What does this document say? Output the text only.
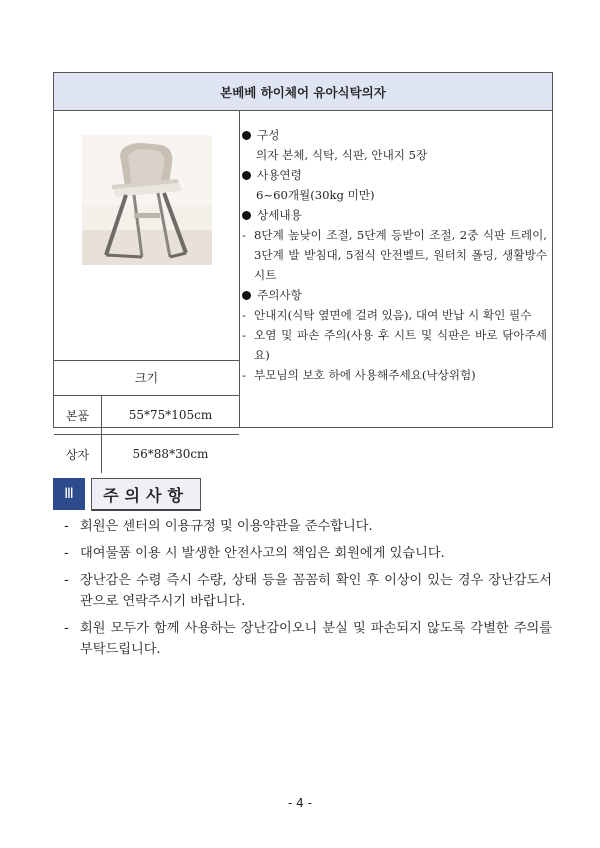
본베베 하이체어 유아식탁의자
크기
본품	55*75*105cm
상자	56*88*30cm
구성
의자 본체, 식탁, 식판, 안내지 5장
사용연령
6~60개월(30kg 미만)
상세내용
- 8단계 높낮이 조절, 5단계 등받이 조절, 2중 식판 트레이, 3단계 발 받침대, 5점식 안전벨트, 원터치 폴딩, 생활방수 시트
주의사항
- 안내지(식탁 옆면에 걸려 있음), 대여 반납 시 확인 필수
- 오염 및 파손 주의(사용 후 시트 및 식판은 바로 닦아주세요)
- 부모님의 보호 하에 사용해주세요(낙상위험)
Ⅲ	주의사항
- 회원은 센터의 이용규정 및 이용약관을 준수합니다.
- 대여물품 이용 시 발생한 안전사고의 책임은 회원에게 있습니다.
- 장난감은 수령 즉시 수량, 상태 등을 꼼꼼히 확인 후 이상이 있는 경우 장난감도서관으로 연락주시기 바랍니다.
- 회원 모두가 함께 사용하는 장난감이오니 분실 및 파손되지 않도록 각별한 주의를 부탁드립니다.
- 4 -
